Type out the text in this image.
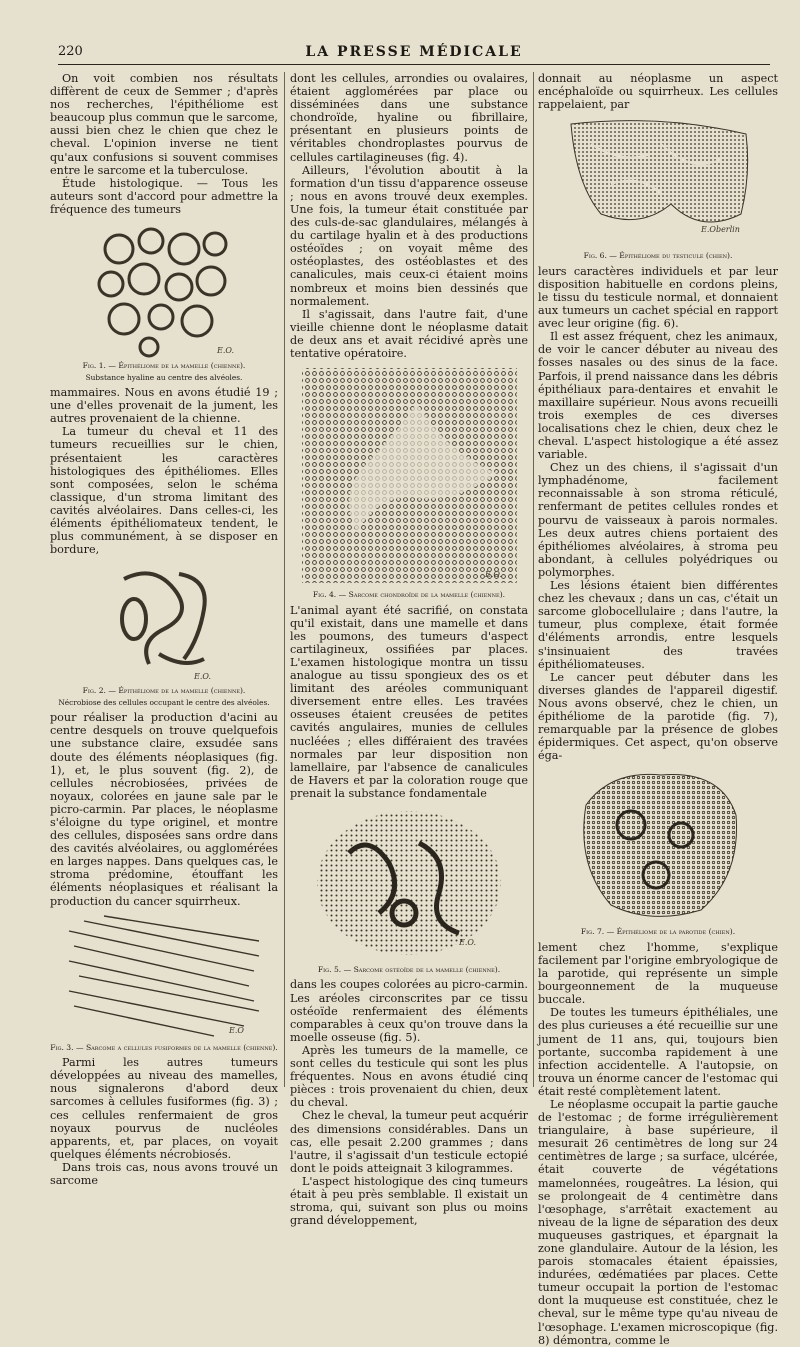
220	LA PRESSE MÉDICALE

On voit combien nos résultats diffèrent de ceux de Semmer ; d'après nos recherches, l'épithéliome est beaucoup plus commun que le sarcome, aussi bien chez le chien que chez le cheval. L'opinion inverse ne tient qu'aux confusions si souvent commises entre le sarcome et la tuberculose.

Étude histologique. — Tous les auteurs sont d'accord pour admettre la fréquence des tumeurs

E.O.
Fig. 1. — Épithéliome de la mamelle (chienne).
Substance hyaline au centre des alvéoles.

mammaires. Nous en avons étudié 19 ; une d'elles provenait de la jument, les autres provenaient de la chienne.

La tumeur du cheval et 11 des tumeurs recueillies sur le chien, présentaient les caractères histologiques des épithéliomes. Elles sont composées, selon le schéma classique, d'un stroma limitant des cavités alvéolaires. Dans celles-ci, les éléments épithéliomateux tendent, le plus communément, à se disposer en bordure,

E.O.
Fig. 2. — Épithéliome de la mamelle (chienne).
Nécrobiose des cellules occupant le centre des alvéoles.

pour réaliser la production d'acini au centre desquels on trouve quelquefois une substance claire, exsudée sans doute des éléments néoplasiques (fig. 1), et, le plus souvent (fig. 2), de cellules nécrobiosées, privées de noyaux, colorées en jaune sale par le picro-carmin. Par places, le néoplasme s'éloigne du type originel, et montre des cellules, disposées sans ordre dans des cavités alvéolaires, ou agglomérées en larges nappes. Dans quelques cas, le stroma prédomine, étouffant les éléments néoplasiques et réalisant la production du cancer squirrheux.

E.O
Fig. 3. — Sarcome a cellules fusiformes de la mamelle (chienne).

Parmi les autres tumeurs développées au niveau des mamelles, nous signalerons d'abord deux sarcomes à cellules fusiformes (fig. 3) ; ces cellules renfermaient de gros noyaux pourvus de nucléoles apparents, et, par places, on voyait quelques éléments nécrobiosés.

Dans trois cas, nous avons trouvé un sarcome

dont les cellules, arrondies ou ovalaires, étaient agglomérées par place ou disséminées dans une substance chondroïde, hyaline ou fibrillaire, présentant en plusieurs points de véritables chondroplastes pourvus de cellules cartilagineuses (fig. 4).

Ailleurs, l'évolution aboutit à la formation d'un tissu d'apparence osseuse ; nous en avons trouvé deux exemples. Une fois, la tumeur était constituée par des culs-de-sac glandulaires, mélangés à du cartilage hyalin et à des productions ostéoïdes ; on voyait même des ostéoplastes, des ostéoblastes et des canalicules, mais ceux-ci étaient moins nombreux et moins bien dessinés que normalement.

Il s'agissait, dans l'autre fait, d'une vieille chienne dont le néoplasme datait de deux ans et avait récidivé après une tentative opératoire.

E.O.
Fig. 4. — Sarcome chondroïde de la mamelle (chienne).

L'animal ayant été sacrifié, on constata qu'il existait, dans une mamelle et dans les poumons, des tumeurs d'aspect cartilagineux, ossifiées par places. L'examen histologique montra un tissu analogue au tissu spongieux des os et limitant des aréoles communiquant diversement entre elles. Les travées osseuses étaient creusées de petites cavités angulaires, munies de cellules nucléées ; elles différaient des travées normales par leur disposition non lamellaire, par l'absence de canalicules de Havers et par la coloration rouge que prenait la substance fondamentale

E.O.
Fig. 5. — Sarcome ostéoïde de la mamelle (chienne).

dans les coupes colorées au picro-carmin. Les aréoles circonscrites par ce tissu ostéoïde renfermaient des éléments comparables à ceux qu'on trouve dans la moelle osseuse (fig. 5).

Après les tumeurs de la mamelle, ce sont celles du testicule qui sont les plus fréquentes. Nous en avons étudié cinq pièces : trois provenaient du chien, deux du cheval.

Chez le cheval, la tumeur peut acquérir des dimensions considérables. Dans un cas, elle pesait 2.200 grammes ; dans l'autre, il s'agissait d'un testicule ectopié dont le poids atteignait 3 kilogrammes.

L'aspect histologique des cinq tumeurs était à peu près semblable. Il existait un stroma, qui, suivant son plus ou moins grand développement,

donnait au néoplasme un aspect encéphaloïde ou squirrheux. Les cellules rappelaient, par

E.Oberlin
Fig. 6. — Épithéliome du testicule (chien).

leurs caractères individuels et par leur disposition habituelle en cordons pleins, le tissu du testicule normal, et donnaient aux tumeurs un cachet spécial en rapport avec leur origine (fig. 6).

Il est assez fréquent, chez les animaux, de voir le cancer débuter au niveau des fosses nasales ou des sinus de la face. Parfois, il prend naissance dans les débris épithéliaux para-dentaires et envahit le maxillaire supérieur. Nous avons recueilli trois exemples de ces diverses localisations chez le chien, deux chez le cheval. L'aspect histologique a été assez variable.

Chez un des chiens, il s'agissait d'un lymphadénome, facilement reconnaissable à son stroma réticulé, renfermant de petites cellules rondes et pourvu de vaisseaux à parois normales. Les deux autres chiens portaient des épithéliomes alvéolaires, à stroma peu abondant, à cellules polyédriques ou polymorphes.

Les lésions étaient bien différentes chez les chevaux ; dans un cas, c'était un sarcome globocellulaire ; dans l'autre, la tumeur, plus complexe, était formée d'éléments arrondis, entre lesquels s'insinuaient des travées épithéliomateuses.

Le cancer peut débuter dans les diverses glandes de l'appareil digestif. Nous avons observé, chez le chien, un épithéliome de la parotide (fig. 7), remarquable par la présence de globes épidermiques. Cet aspect, qu'on observe éga-

Fig. 7. — Épithéliome de la parotide (chien).

lement chez l'homme, s'explique facilement par l'origine embryologique de la parotide, qui représente un simple bourgeonnement de la muqueuse buccale.

De toutes les tumeurs épithéliales, une des plus curieuses a été recueillie sur une jument de 11 ans, qui, toujours bien portante, succomba rapidement à une infection accidentelle. A l'autopsie, on trouva un énorme cancer de l'estomac qui était resté complètement latent.

Le néoplasme occupait la partie gauche de l'estomac ; de forme irrégulièrement triangulaire, à base supérieure, il mesurait 26 centimètres de long sur 24 centimètres de large ; sa surface, ulcérée, était couverte de végétations mamelonnées, rougeâtres. La lésion, qui se prolongeait de 4 centimètre dans l'œsophage, s'arrêtait exactement au niveau de la ligne de séparation des deux muqueuses gastriques, et épargnait la zone glandulaire. Autour de la lésion, les parois stomacales étaient épaissies, indurées, œdématiées par places. Cette tumeur occupait la portion de l'estomac dont la muqueuse est constituée, chez le cheval, sur le même type qu'au niveau de l'œsophage. L'examen microscopique (fig. 8) démontra, comme le
